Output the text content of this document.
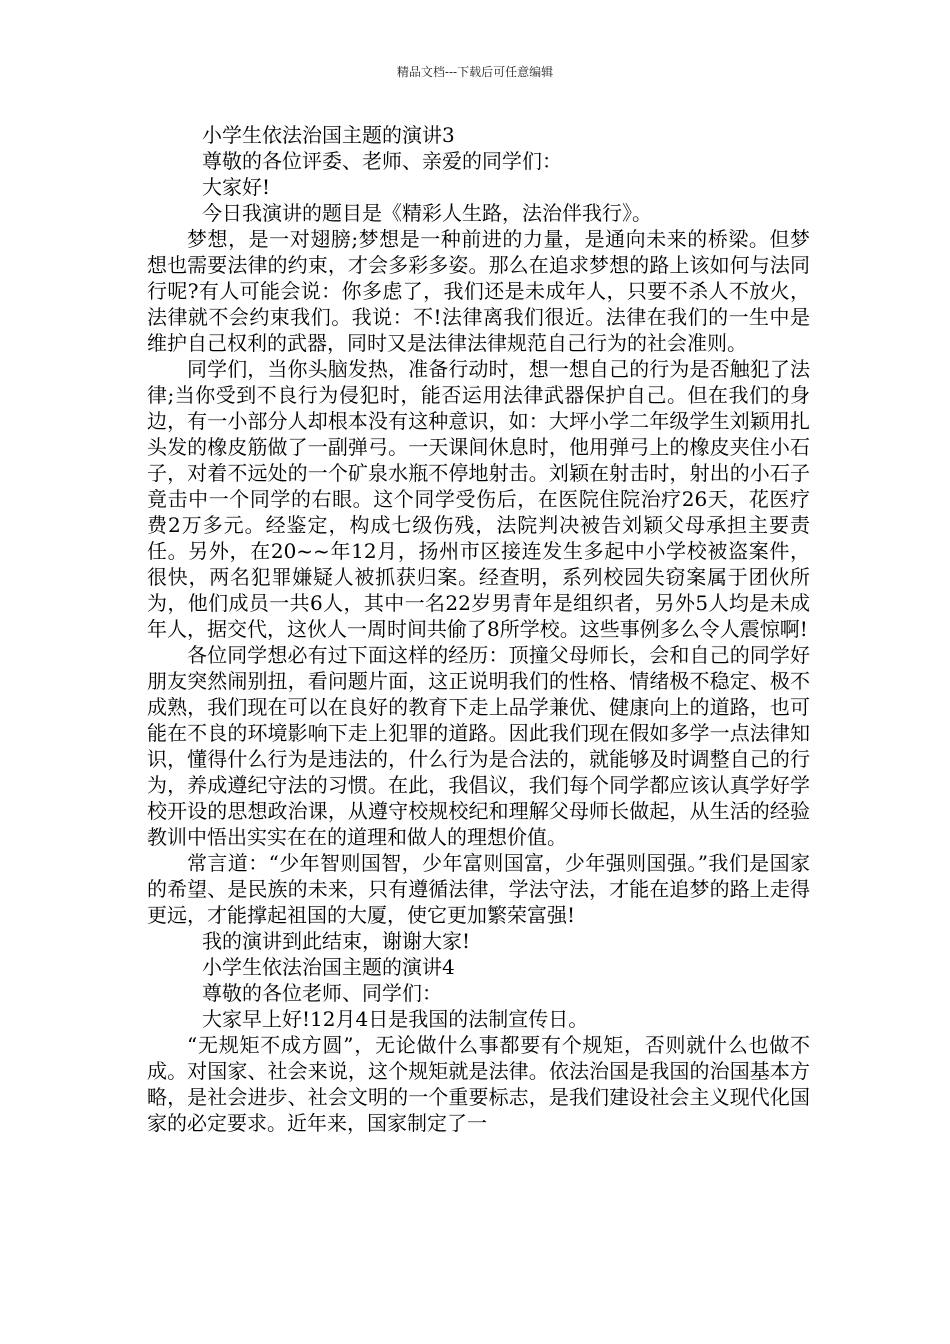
精品文档---下载后可任意编辑

小学生依法治国主题的演讲3

尊敬的各位评委、老师、亲爱的同学们：

大家好!

今日我演讲的题目是《精彩人生路，法治伴我行》。

梦想，是一对翅膀;梦想是一种前进的力量，是通向未来的桥梁。但梦想也需要法律的约束，才会多彩多姿。那么在追求梦想的路上该如何与法同行呢?有人可能会说：你多虑了，我们还是未成年人，只要不杀人不放火，法律就不会约束我们。我说：不!法律离我们很近。法律在我们的一生中是维护自己权利的武器，同时又是法律法律规范自己行为的社会准则。

同学们，当你头脑发热，准备行动时，想一想自己的行为是否触犯了法律;当你受到不良行为侵犯时，能否运用法律武器保护自己。但在我们的身边，有一小部分人却根本没有这种意识，如：大坪小学二年级学生刘颖用扎头发的橡皮筋做了一副弹弓。一天课间休息时，他用弹弓上的橡皮夹住小石子，对着不远处的一个矿泉水瓶不停地射击。刘颖在射击时，射出的小石子竟击中一个同学的右眼。这个同学受伤后，在医院住院治疗26天，花医疗费2万多元。经鉴定，构成七级伤残，法院判决被告刘颖父母承担主要责任。另外，在20~~年12月，扬州市区接连发生多起中小学校被盗案件，很快，两名犯罪嫌疑人被抓获归案。经查明，系列校园失窃案属于团伙所为，他们成员一共6人，其中一名22岁男青年是组织者，另外5人均是未成年人，据交代，这伙人一周时间共偷了8所学校。这些事例多么令人震惊啊!

各位同学想必有过下面这样的经历：顶撞父母师长，会和自己的同学好朋友突然闹别扭，看问题片面，这正说明我们的性格、情绪极不稳定、极不成熟，我们现在可以在良好的教育下走上品学兼优、健康向上的道路，也可能在不良的环境影响下走上犯罪的道路。因此我们现在假如多学一点法律知识，懂得什么行为是违法的，什么行为是合法的，就能够及时调整自己的行为，养成遵纪守法的习惯。在此，我倡议，我们每个同学都应该认真学好学校开设的思想政治课，从遵守校规校纪和理解父母师长做起，从生活的经验教训中悟出实实在在的道理和做人的理想价值。

常言道：“少年智则国智，少年富则国富，少年强则国强。”我们是国家的希望、是民族的未来，只有遵循法律，学法守法，才能在追梦的路上走得更远，才能撑起祖国的大厦，使它更加繁荣富强!

我的演讲到此结束，谢谢大家!

小学生依法治国主题的演讲4

尊敬的各位老师、同学们：

大家早上好!12月4日是我国的法制宣传日。

“无规矩不成方圆”，无论做什么事都要有个规矩，否则就什么也做不成。对国家、社会来说，这个规矩就是法律。依法治国是我国的治国基本方略，是社会进步、社会文明的一个重要标志，是我们建设社会主义现代化国家的必定要求。近年来，国家制定了一
